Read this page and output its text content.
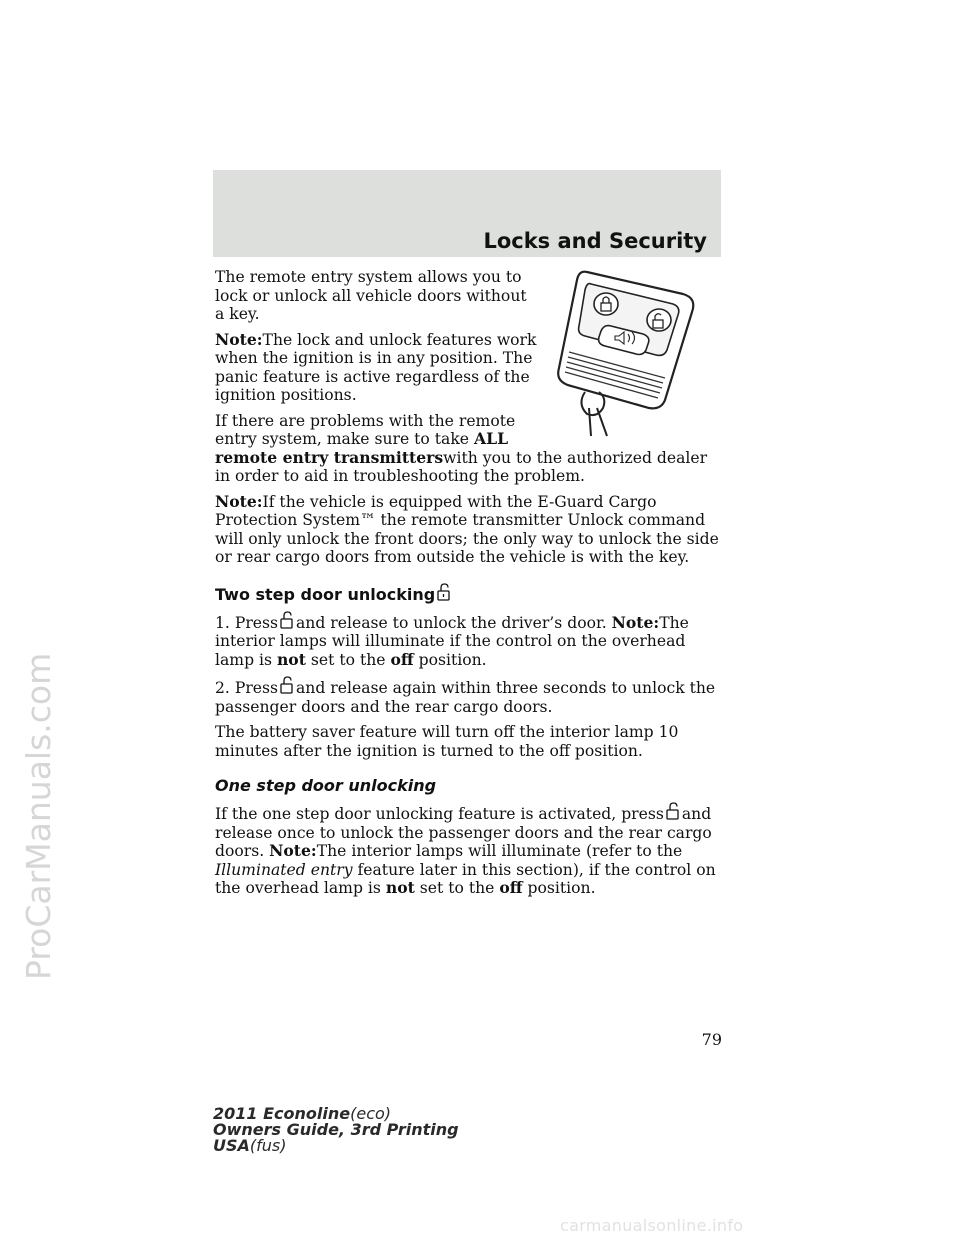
ProCarManuals.com
Locks and Security

The remote entry system allows you to lock or unlock all vehicle doors without a key.

Note:The lock and unlock features work when the ignition is in any position. The panic feature is active regardless of the ignition positions.

If there are problems with the remote entry system, make sure to take ALL remote entry transmitterswith you to the authorized dealer in order to aid in troubleshooting the problem.

Note:If the vehicle is equipped with the E-Guard Cargo Protection System™ the remote transmitter Unlock command will only unlock the front doors; the only way to unlock the side or rear cargo doors from outside the vehicle is with the key.

Two step door unlocking

1. Press and release to unlock the driver’s door. Note:The interior lamps will illuminate if the control on the overhead lamp is not set to the off position.

2. Press and release again within three seconds to unlock the passenger doors and the rear cargo doors.

The battery saver feature will turn off the interior lamp 10 minutes after the ignition is turned to the off position.

One step door unlocking

If the one step door unlocking feature is activated, press and release once to unlock the passenger doors and the rear cargo doors. Note:The interior lamps will illuminate (refer to the Illuminated entry feature later in this section), if the control on the overhead lamp is not set to the off position.

79
2011 Econoline(eco)
Owners Guide, 3rd Printing
USA(fus)
carmanualsonline.info
